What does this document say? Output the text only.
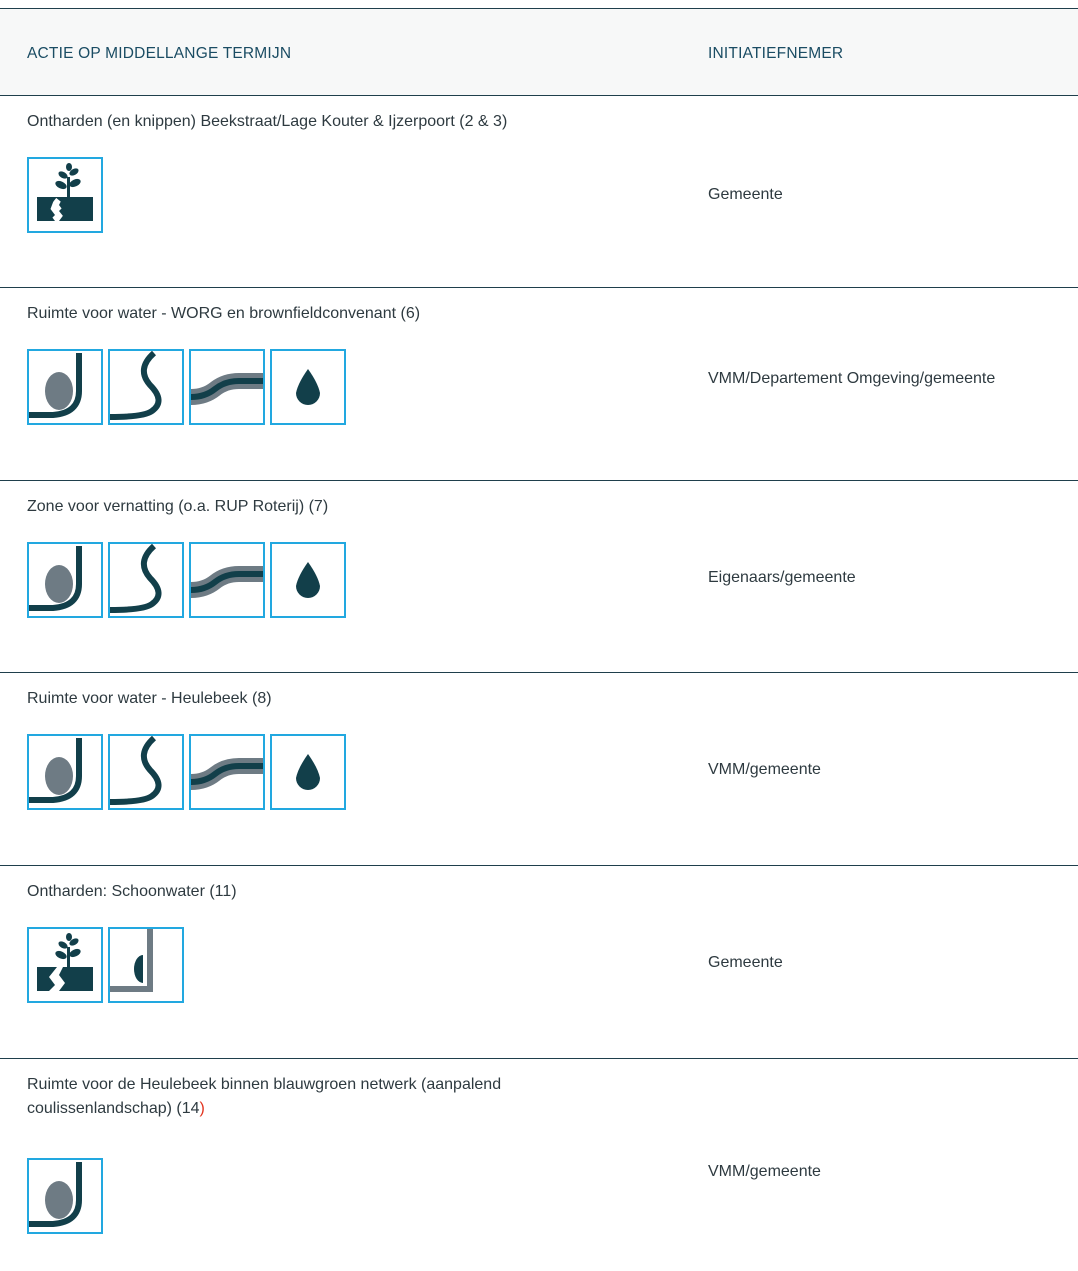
ACTIE OP MIDDELLANGE TERMIJN	INITIATIEFNEMER
Ontharden (en knippen) Beekstraat/Lage Kouter & Ijzerpoort (2 & 3)
Gemeente
Ruimte voor water - WORG en brownfieldconvenant (6)
VMM/Departement Omgeving/gemeente
Zone voor vernatting (o.a. RUP Roterij) (7)
Eigenaars/gemeente
Ruimte voor water - Heulebeek (8)
VMM/gemeente
Ontharden: Schoonwater (11)
Gemeente
Ruimte voor de Heulebeek binnen blauwgroen netwerk (aanpalend coulissenlandschap) (14)
VMM/gemeente
